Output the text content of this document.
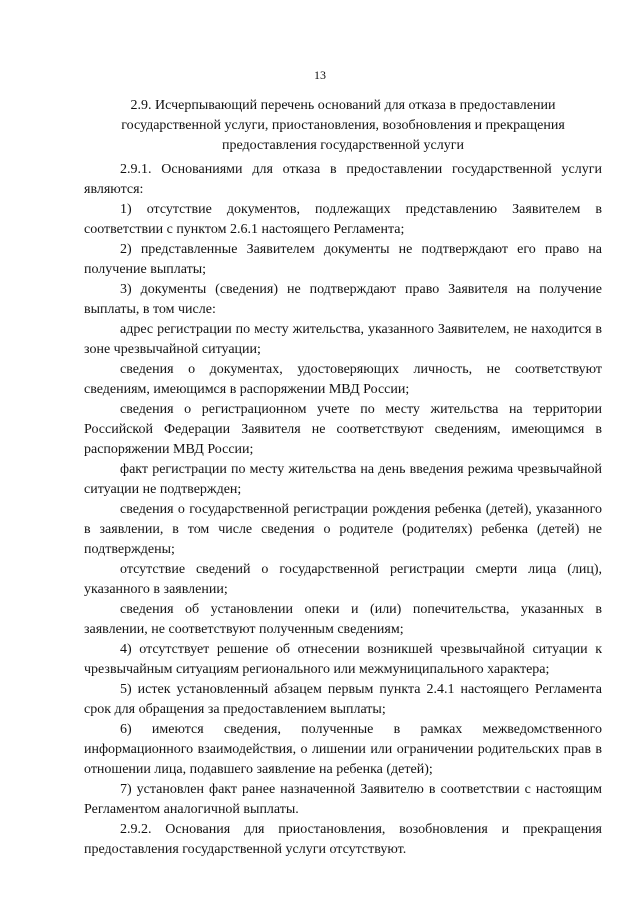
13
2.9. Исчерпывающий перечень оснований для отказа в предоставлении государственной услуги, приостановления, возобновления и прекращения предоставления государственной услуги

2.9.1. Основаниями для отказа в предоставлении государственной услуги являются:

1) отсутствие документов, подлежащих представлению Заявителем в соответствии с пунктом 2.6.1 настоящего Регламента;

2) представленные Заявителем документы не подтверждают его право на получение выплаты;

3) документы (сведения) не подтверждают право Заявителя на получение выплаты, в том числе:

адрес регистрации по месту жительства, указанного Заявителем, не находится в зоне чрезвычайной ситуации;

сведения о документах, удостоверяющих личность, не соответствуют сведениям, имеющимся в распоряжении МВД России;

сведения о регистрационном учете по месту жительства на территории Российской Федерации Заявителя не соответствуют сведениям, имеющимся в распоряжении МВД России;

факт регистрации по месту жительства на день введения режима чрезвычайной ситуации не подтвержден;

сведения о государственной регистрации рождения ребенка (детей), указанного в заявлении, в том числе сведения о родителе (родителях) ребенка (детей) не подтверждены;

отсутствие сведений о государственной регистрации смерти лица (лиц), указанного в заявлении;

сведения об установлении опеки и (или) попечительства, указанных в заявлении, не соответствуют полученным сведениям;

4) отсутствует решение об отнесении возникшей чрезвычайной ситуации к чрезвычайным ситуациям регионального или межмуниципального характера;

5) истек установленный абзацем первым пункта 2.4.1 настоящего Регламента срок для обращения за предоставлением выплаты;

6) имеются сведения, полученные в рамках межведомственного информационного взаимодействия, о лишении или ограничении родительских прав в отношении лица, подавшего заявление на ребенка (детей);

7) установлен факт ранее назначенной Заявителю в соответствии с настоящим Регламентом аналогичной выплаты.

2.9.2. Основания для приостановления, возобновления и прекращения предоставления государственной услуги отсутствуют.
